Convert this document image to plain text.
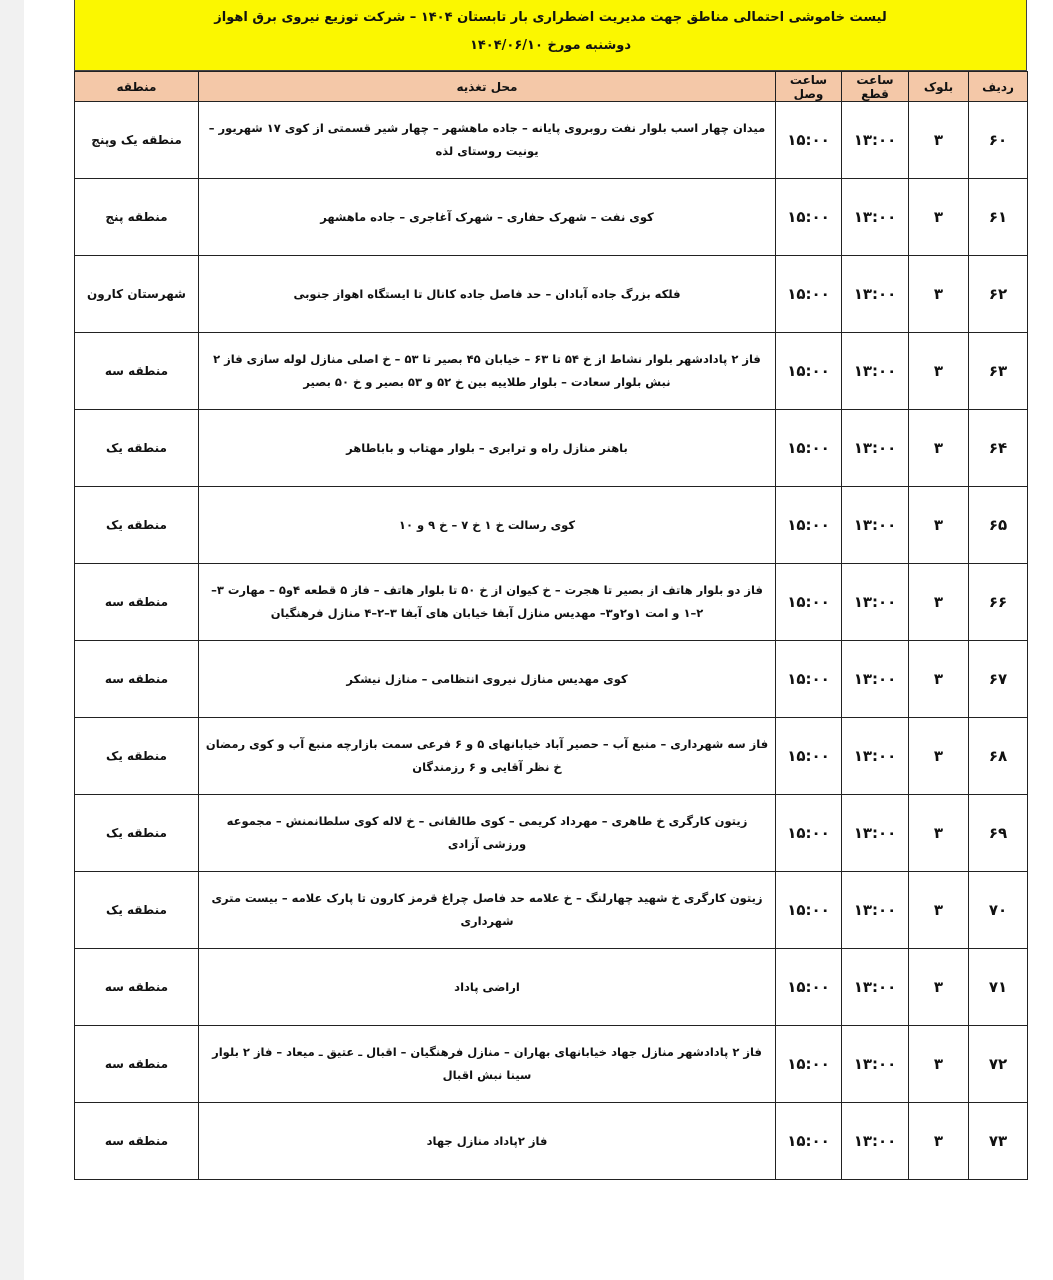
لیست خاموشی احتمالی مناطق جهت مدیریت اضطراری بار تابستان ۱۴۰۴ – شرکت توزیع نیروی برق اهواز
دوشنبه مورخ ۱۴۰۴/۰۶/۱۰
ردیف	بلوک	ساعت قطع	ساعت وصل	محل تغذیه	منطقه
۶۰	۳	۱۳:۰۰	۱۵:۰۰	میدان چهار اسب بلوار نفت روبروی پایانه – جاده ماهشهر – چهار شیر قسمتی از کوی ۱۷ شهریور – یونیت روستای لذه	منطقه یک وپنج
۶۱	۳	۱۳:۰۰	۱۵:۰۰	کوی نفت – شهرک حفاری – شهرک آغاجری – جاده ماهشهر	منطقه پنج
۶۲	۳	۱۳:۰۰	۱۵:۰۰	فلکه بزرگ جاده آبادان – حد فاصل جاده کانال تا ایستگاه اهواز جنوبی	شهرستان کارون
۶۳	۳	۱۳:۰۰	۱۵:۰۰	فاز ۲ پادادشهر بلوار نشاط از خ ۵۴ تا ۶۳ – خیابان ۴۵ بصیر تا ۵۳ – خ اصلی منازل لوله سازی فاز ۲ نبش بلوار سعادت – بلوار طلاییه بین خ ۵۲ و ۵۳ بصیر و خ ۵۰ بصیر	منطقه سه
۶۴	۳	۱۳:۰۰	۱۵:۰۰	باهنر منازل راه و ترابری – بلوار مهتاب و باباطاهر	منطقه یک
۶۵	۳	۱۳:۰۰	۱۵:۰۰	کوی رسالت خ ۱ خ ۷ – خ ۹ و ۱۰	منطقه یک
۶۶	۳	۱۳:۰۰	۱۵:۰۰	فاز دو بلوار هاتف از بصیر تا هجرت – خ کیوان از خ ۵۰ تا بلوار هاتف – فاز ۵ قطعه ۴و۵ – مهارت ۳–۲–۱ و امت ۱و۲و۳– مهدیس منازل آبفا خیابان های آبفا ۳–۲–۴ منازل فرهنگیان	منطقه سه
۶۷	۳	۱۳:۰۰	۱۵:۰۰	کوی مهدیس منازل نیروی انتظامی – منازل نیشکر	منطقه سه
۶۸	۳	۱۳:۰۰	۱۵:۰۰	فاز سه شهرداری – منبع آب – حصیر آباد خیابانهای ۵ و ۶ فرعی سمت بازارچه منبع آب و کوی رمضان خ نظر آقایی و ۶ رزمندگان	منطقه یک
۶۹	۳	۱۳:۰۰	۱۵:۰۰	زیتون کارگری خ طاهری – مهرداد کریمی – کوی طالقانی – خ لاله کوی سلطانمنش – مجموعه ورزشی آزادی	منطقه یک
۷۰	۳	۱۳:۰۰	۱۵:۰۰	زیتون کارگری خ شهید چهارلنگ – خ علامه حد فاصل چراغ قرمز کارون تا پارک علامه – بیست متری شهرداری	منطقه یک
۷۱	۳	۱۳:۰۰	۱۵:۰۰	اراضی پاداد	منطقه سه
۷۲	۳	۱۳:۰۰	۱۵:۰۰	فاز ۲ پادادشهر منازل جهاد خیابانهای بهاران – منازل فرهنگیان – اقبال ـ عتیق ـ میعاد – فاز ۲ بلوار سینا نبش اقبال	منطقه سه
۷۳	۳	۱۳:۰۰	۱۵:۰۰	فاز ۲پاداد منازل جهاد	منطقه سه
